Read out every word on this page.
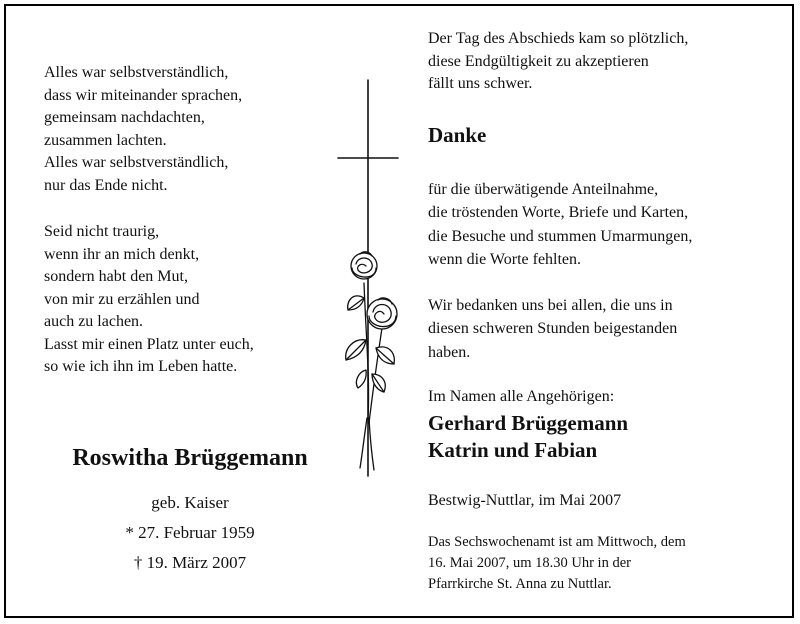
Alles war selbstverständlich,
dass wir miteinander sprachen,
gemeinsam nachdachten,
zusammen lachten.
Alles war selbstverständlich,
nur das Ende nicht.

Seid nicht traurig,
wenn ihr an mich denkt,
sondern habt den Mut,
von mir zu erzählen und
auch zu lachen.
Lasst mir einen Platz unter euch,
so wie ich ihn im Leben hatte.

Roswitha Brüggemann
geb. Kaiser
* 27. Februar 1959
† 19. März 2007

Der Tag des Abschieds kam so plötzlich,
diese Endgültigkeit zu akzeptieren
fällt uns schwer.

Danke

für die überwätigende Anteilnahme,
die tröstenden Worte, Briefe und Karten,
die Besuche und stummen Umarmungen,
wenn die Worte fehlten.

Wir bedanken uns bei allen, die uns in
diesen schweren Stunden beigestanden
haben.

Im Namen alle Angehörigen:

Gerhard Brüggemann
Katrin und Fabian

Bestwig-Nuttlar, im Mai 2007

Das Sechswochenamt ist am Mittwoch, dem
16. Mai 2007, um 18.30 Uhr in der
Pfarrkirche St. Anna zu Nuttlar.
